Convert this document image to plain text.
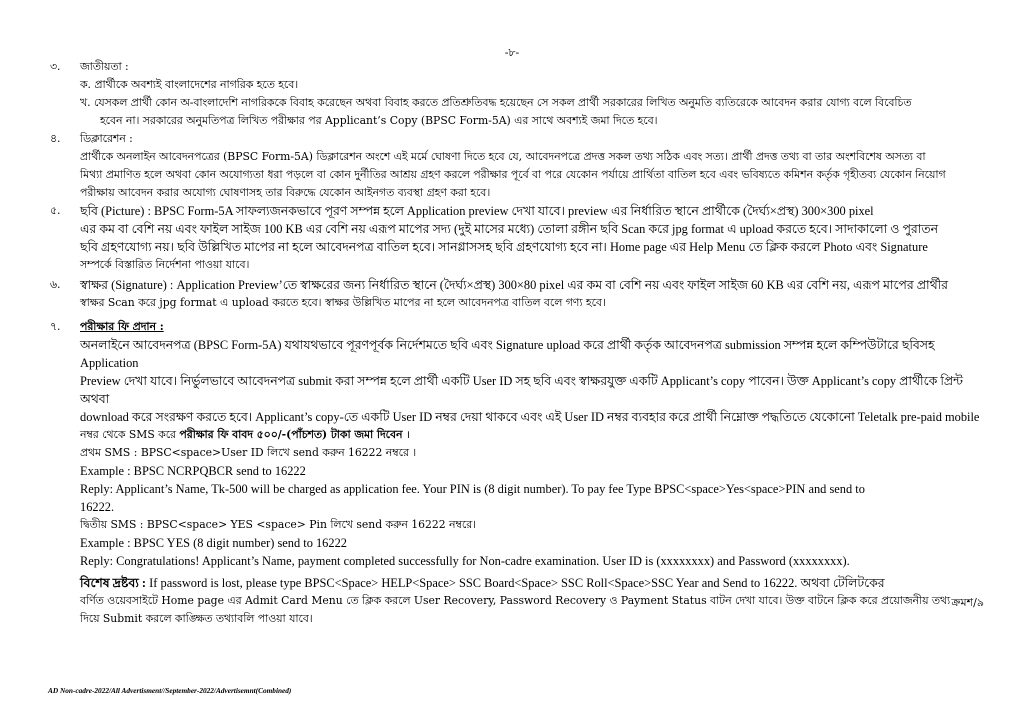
-৮-
৩. জাতীয়তা :

ক. প্রার্থীকে অবশ্যই বাংলাদেশের নাগরিক হতে হবে।

খ. যেসকল প্রার্থী কোন অ-বাংলাদেশি নাগরিককে বিবাহ করেছেন অথবা বিবাহ করতে প্রতিশ্রুতিবদ্ধ হয়েছেন সে সকল প্রার্থী সরকারের লিখিত অনুমতি ব্যতিরেকে আবেদন করার যোগ্য বলে বিবেচিত

হবেন না। সরকারের অনুমতিপত্র লিখিত পরীক্ষার পর Applicant’s Copy (BPSC Form-5A) এর সাথে অবশ্যই জমা দিতে হবে।

৪. ডিক্লারেশন :

প্রার্থীকে অনলাইন আবেদনপত্রের (BPSC Form-5A) ডিক্লারেশন অংশে এই মর্মে ঘোষণা দিতে হবে যে, আবেদনপত্রে প্রদত্ত সকল তথ্য সঠিক এবং সত্য। প্রার্থী প্রদত্ত তথ্য বা তার অংশবিশেষ অসত্য বা

মিথ্যা প্রমাণিত হলে অথবা কোন অযোগ্যতা ধরা পড়লে বা কোন দুর্নীতির আশ্রয় গ্রহণ করলে পরীক্ষার পূর্বে বা পরে যেকোন পর্যায়ে প্রার্থিতা বাতিল হবে এবং ভবিষ্যতে কমিশন কর্তৃক গৃহীতব্য যেকোন নিয়োগ

পরীক্ষায় আবেদন করার অযোগ্য ঘোষণাসহ তার বিরুদ্ধে যেকোন আইনগত ব্যবস্থা গ্রহণ করা হবে।

৫. ছবি (Picture) : BPSC Form-5A সাফল্যজনকভাবে পূরণ সম্পন্ন হলে Application preview দেখা যাবে। preview এর নির্ধারিত স্থানে প্রার্থীকে (দৈর্ঘ্য×প্রস্থ) 300×300 pixel

এর কম বা বেশি নয় এবং ফাইল সাইজ 100 KB এর বেশি নয় এরূপ মাপের সদ্য (দুই মাসের মধ্যে) তোলা রঙ্গীন ছবি Scan করে jpg format এ upload করতে হবে। সাদাকালো ও পুরাতন

ছবি গ্রহণযোগ্য নয়। ছবি উল্লিখিত মাপের না হলে আবেদনপত্র বাতিল হবে। সানগ্লাসসহ ছবি গ্রহণযোগ্য হবে না। Home page এর Help Menu তে ক্লিক করলে Photo এবং Signature

সম্পর্কে বিস্তারিত নির্দেশনা পাওয়া যাবে।

৬. স্বাক্ষর (Signature) : Application Preview’তে স্বাক্ষরের জন্য নির্ধারিত স্থানে (দৈর্ঘ্য×প্রস্থ) 300×80 pixel এর কম বা বেশি নয় এবং ফাইল সাইজ 60 KB এর বেশি নয়, এরূপ মাপের প্রার্থীর

স্বাক্ষর Scan করে jpg format এ upload করতে হবে। স্বাক্ষর উল্লিখিত মাপের না হলে আবেদনপত্র বাতিল বলে গণ্য হবে।

৭. পরীক্ষার ফি প্রদান :

অনলাইনে আবেদনপত্র (BPSC Form-5A) যথাযথভাবে পূরণপূর্বক নির্দেশমতে ছবি এবং Signature upload করে প্রার্থী কর্তৃক আবেদনপত্র submission সম্পন্ন হলে কম্পিউটারে ছবিসহ Application

Preview দেখা যাবে। নির্ভুলভাবে আবেদনপত্র submit করা সম্পন্ন হলে প্রার্থী একটি User ID সহ ছবি এবং স্বাক্ষরযুক্ত একটি Applicant’s copy পাবেন। উক্ত Applicant’s copy প্রার্থীকে প্রিন্ট অথবা

download করে সংরক্ষণ করতে হবে। Applicant’s copy-তে একটি User ID নম্বর দেয়া থাকবে এবং এই User ID নম্বর ব্যবহার করে প্রার্থী নিম্নোক্ত পদ্ধতিতে যেকোনো Teletalk pre-paid mobile

নম্বর থেকে SMS করে পরীক্ষার ফি বাবদ ৫০০/-(পাঁচশত) টাকা জমা দিবেন ।

প্রথম SMS : BPSC<space>User ID লিখে send করুন 16222 নম্বরে ।

Example : BPSC NCRPQBCR send to 16222

Reply: Applicant’s Name, Tk-500 will be charged as application fee. Your PIN is (8 digit number). To pay fee Type BPSC<space>Yes<space>PIN and send to

16222.

দ্বিতীয় SMS : BPSC<space> YES <space> Pin লিখে send করুন 16222 নম্বরে।

Example : BPSC YES (8 digit number) send to 16222

Reply: Congratulations! Applicant’s Name, payment completed successfully for Non-cadre examination. User ID is (xxxxxxxx) and Password (xxxxxxxx).

বিশেষ দ্রষ্টব্য : If password is lost, please type BPSC<Space> HELP<Space> SSC Board<Space> SSC Roll<Space>SSC Year and Send to 16222. অথবা টেলিটকের

বর্ণিত ওয়েবসাইটে Home page এর Admit Card Menu তে ক্লিক করলে User Recovery, Password Recovery ও Payment Status বাটন দেখা যাবে। উক্ত বাটনে ক্লিক করে প্রয়োজনীয় তথ্য

দিয়ে Submit করলে কাঙ্ক্ষিত তথ্যাবলি পাওয়া যাবে।

ক্রমশ/৯
AD Non-cadre-2022/All Advertisment//September-2022/Advertisemnt(Combined)
